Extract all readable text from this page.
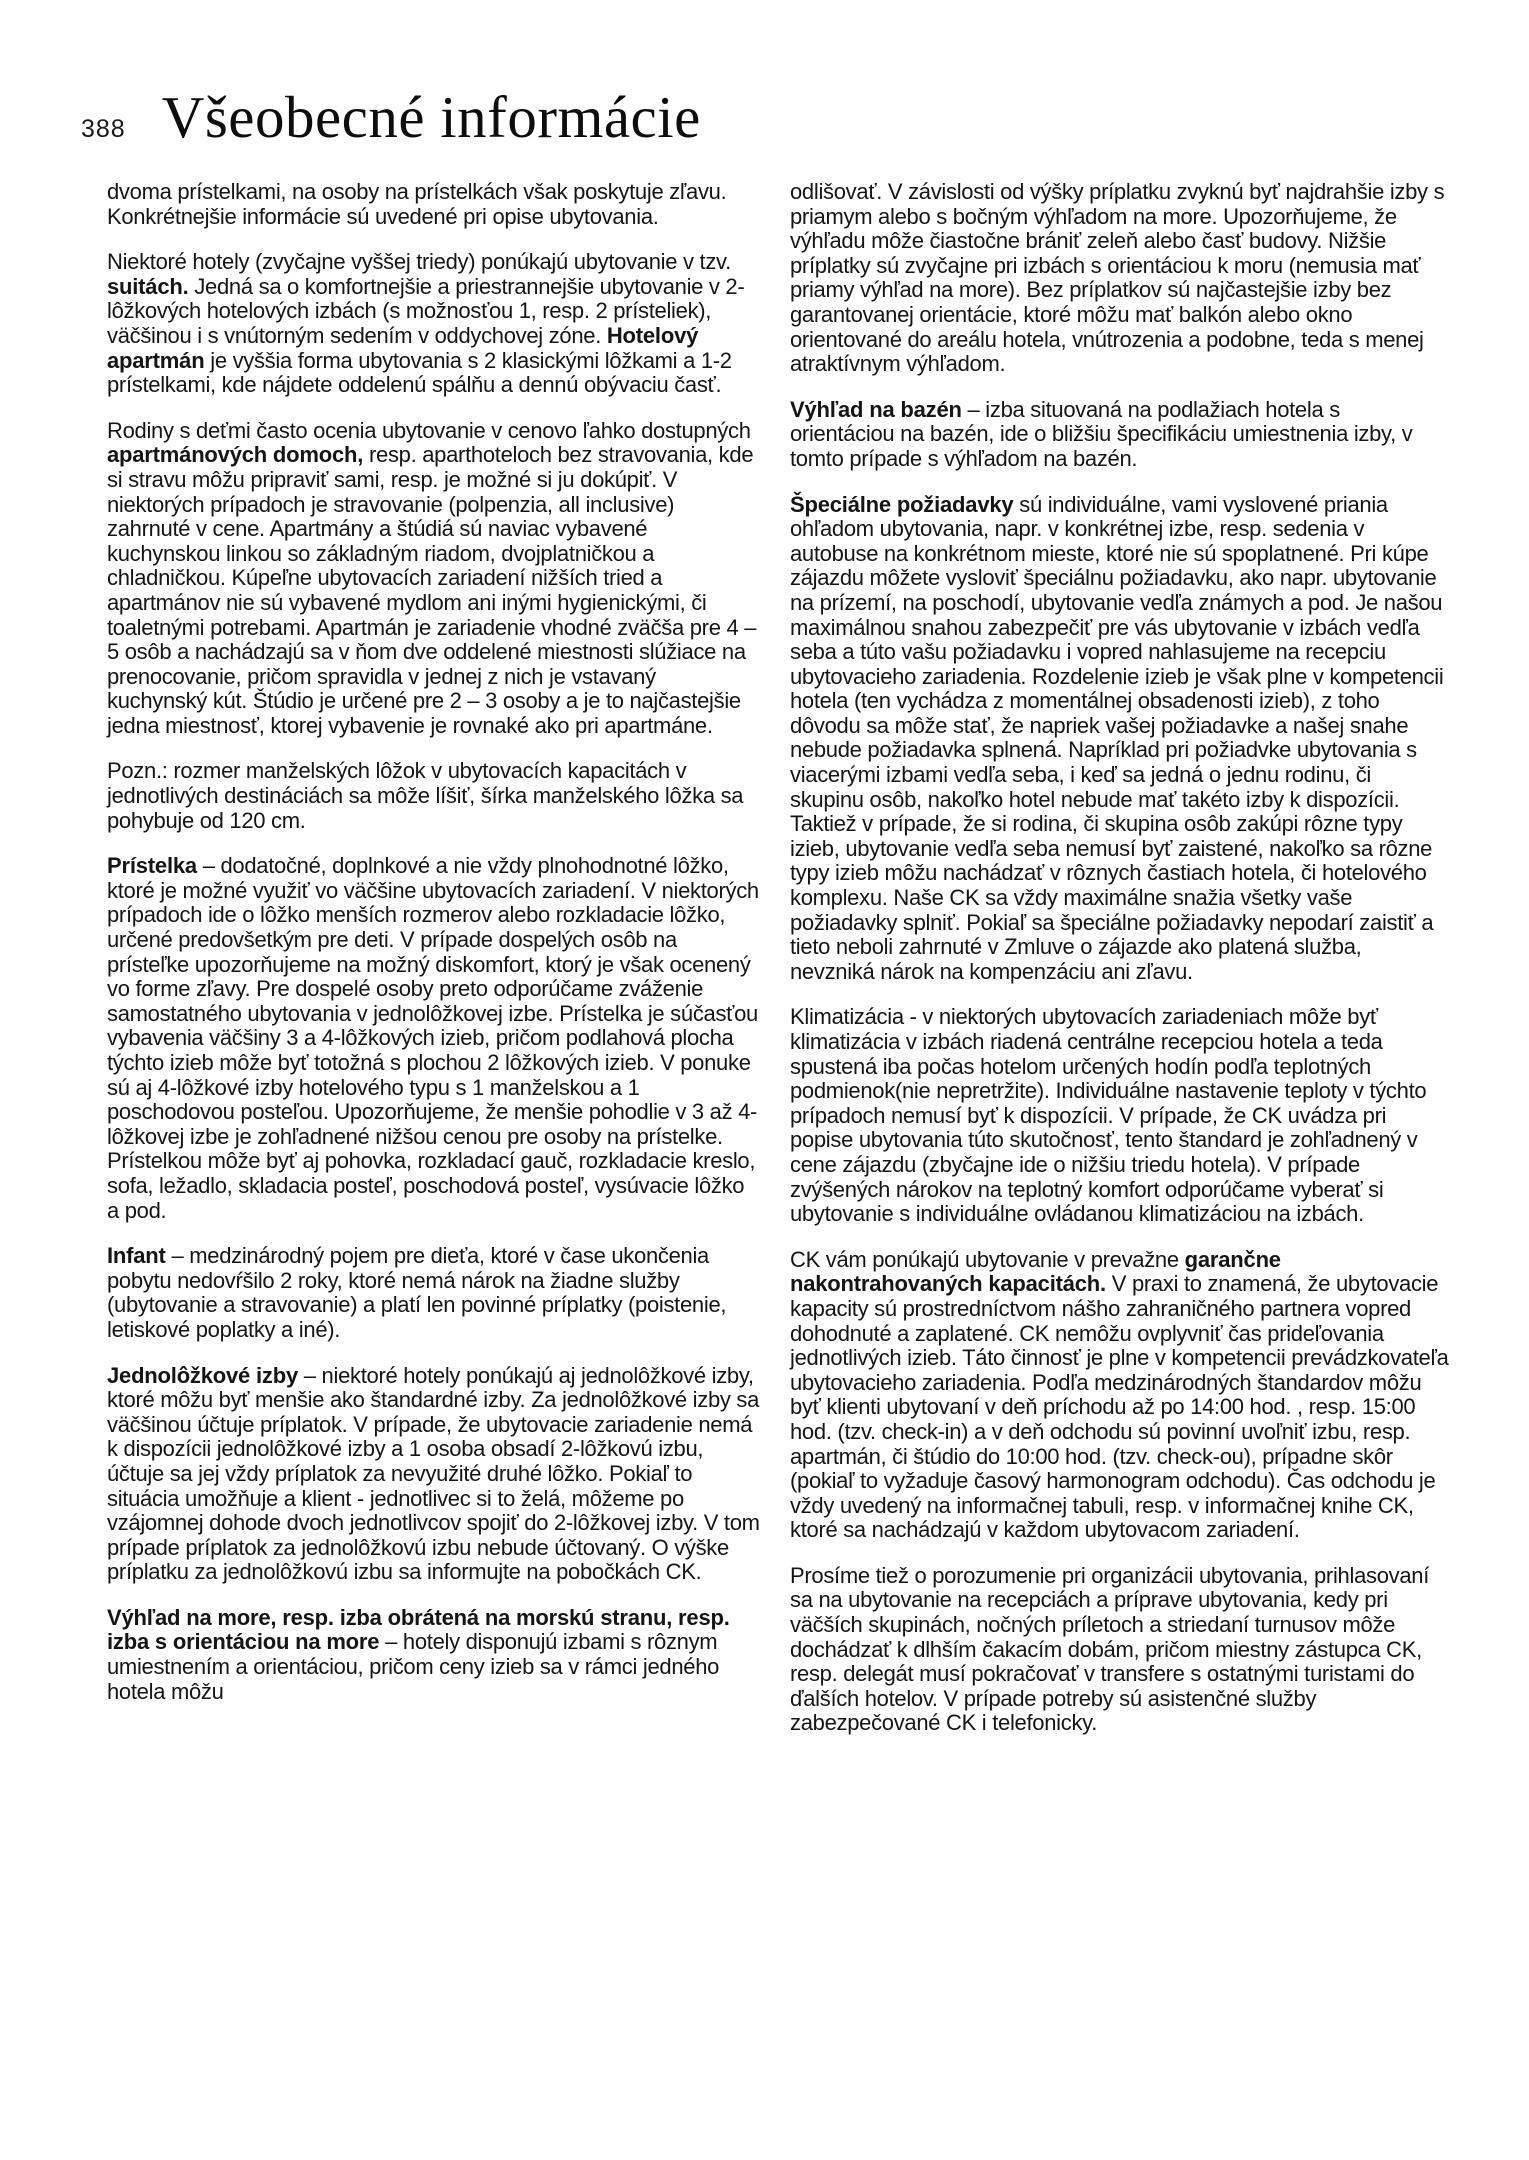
388 Všeobecné informácie

dvoma prístelkami, na osoby na prístelkách však poskytuje zľavu. Konkrétnejšie informácie sú uvedené pri opise ubytovania.

Niektoré hotely (zvyčajne vyššej triedy) ponúkajú ubytovanie v tzv. suitách. Jedná sa o komfortnejšie a priestrannejšie ubytovanie v 2-lôžkových hotelových izbách (s možnosťou 1, resp. 2 prísteliek), väčšinou i s vnútorným sedením v oddychovej zóne. Hotelový apartmán je vyššia forma ubytovania s 2 klasickými lôžkami a 1-2 prístelkami, kde nájdete oddelenú spálňu a dennú obývaciu časť.

Rodiny s deťmi často ocenia ubytovanie v cenovo ľahko dostupných apartmánových domoch, resp. aparthoteloch bez stravovania, kde si stravu môžu pripraviť sami, resp. je možné si ju dokúpiť. V niektorých prípadoch je stravovanie (polpenzia, all inclusive) zahrnuté v cene. Apartmány a štúdiá sú naviac vybavené kuchynskou linkou so základným riadom, dvojplatničkou a chladničkou. Kúpeľne ubytovacích zariadení nižších tried a apartmánov nie sú vybavené mydlom ani inými hygienickými, či toaletnými potrebami. Apartmán je zariadenie vhodné zväčša pre 4 – 5 osôb a nachádzajú sa v ňom dve oddelené miestnosti slúžiace na prenocovanie, pričom spravidla v jednej z nich je vstavaný kuchynský kút. Štúdio je určené pre 2 – 3 osoby a je to najčastejšie jedna miestnosť, ktorej vybavenie je rovnaké ako pri apartmáne.

Pozn.: rozmer manželských lôžok v ubytovacích kapacitách v jednotlivých destináciách sa môže líšiť, šírka manželského lôžka sa pohybuje od 120 cm.

Prístelka – dodatočné, doplnkové a nie vždy plnohodnotné lôžko, ktoré je možné využiť vo väčšine ubytovacích zariadení. V niektorých prípadoch ide o lôžko menších rozmerov alebo rozkladacie lôžko, určené predovšetkým pre deti. V prípade dospelých osôb na prísteľke upozorňujeme na možný diskomfort, ktorý je však ocenený vo forme zľavy. Pre dospelé osoby preto odporúčame zváženie samostatného ubytovania v jednolôžkovej izbe. Prístelka je súčasťou vybavenia väčšiny 3 a 4-lôžkových izieb, pričom podlahová plocha týchto izieb môže byť totožná s plochou 2 lôžkových izieb. V ponuke sú aj 4-lôžkové izby hotelového typu s 1 manželskou a 1 poschodovou posteľou. Upozorňujeme, že menšie pohodlie v 3 až 4-lôžkovej izbe je zohľadnené nižšou cenou pre osoby na prístelke. Prístelkou môže byť aj pohovka, rozkladací gauč, rozkladacie kreslo, sofa, ležadlo, skladacia posteľ, poschodová posteľ, vysúvacie lôžko a pod.

Infant – medzinárodný pojem pre dieťa, ktoré v čase ukončenia pobytu nedovŕšilo 2 roky, ktoré nemá nárok na žiadne služby (ubytovanie a stravovanie) a platí len povinné príplatky (poistenie, letiskové poplatky a iné).

Jednolôžkové izby – niektoré hotely ponúkajú aj jednolôžkové izby, ktoré môžu byť menšie ako štandardné izby. Za jednolôžkové izby sa väčšinou účtuje príplatok. V prípade, že ubytovacie zariadenie nemá k dispozícii jednolôžkové izby a 1 osoba obsadí 2-lôžkovú izbu, účtuje sa jej vždy príplatok za nevyužité druhé lôžko. Pokiaľ to situácia umožňuje a klient - jednotlivec si to želá, môžeme po vzájomnej dohode dvoch jednotlivcov spojiť do 2-lôžkovej izby. V tom prípade príplatok za jednolôžkovú izbu nebude účtovaný. O výške príplatku za jednolôžkovú izbu sa informujte na pobočkách CK.

Výhľad na more, resp. izba obrátená na morskú stranu, resp. izba s orientáciou na more – hotely disponujú izbami s rôznym umiestnením a orientáciou, pričom ceny izieb sa v rámci jedného hotela môžu

odlišovať. V závislosti od výšky príplatku zvyknú byť najdrahšie izby s priamym alebo s bočným výhľadom na more. Upozorňujeme, že výhľadu môže čiastočne brániť zeleň alebo časť budovy. Nižšie príplatky sú zvyčajne pri izbách s orientáciou k moru (nemusia mať priamy výhľad na more). Bez príplatkov sú najčastejšie izby bez garantovanej orientácie, ktoré môžu mať balkón alebo okno orientované do areálu hotela, vnútrozenia a podobne, teda s menej atraktívnym výhľadom.

Výhľad na bazén – izba situovaná na podlažiach hotela s orientáciou na bazén, ide o bližšiu špecifikáciu umiestnenia izby, v tomto prípade s výhľadom na bazén.

Špeciálne požiadavky sú individuálne, vami vyslovené priania ohľadom ubytovania, napr. v konkrétnej izbe, resp. sedenia v autobuse na konkrétnom mieste, ktoré nie sú spoplatnené. Pri kúpe zájazdu môžete vysloviť špeciálnu požiadavku, ako napr. ubytovanie na prízemí, na poschodí, ubytovanie vedľa známych a pod. Je našou maximálnou snahou zabezpečiť pre vás ubytovanie v izbách vedľa seba a túto vašu požiadavku i vopred nahlasujeme na recepciu ubytovacieho zariadenia. Rozdelenie izieb je však plne v kompetencii hotela (ten vychádza z momentálnej obsadenosti izieb), z toho dôvodu sa môže stať, že napriek vašej požiadavke a našej snahe nebude požiadavka splnená. Napríklad pri požiadvke ubytovania s viacerými izbami vedľa seba, i keď sa jedná o jednu rodinu, či skupinu osôb, nakoľko hotel nebude mať takéto izby k dispozícii. Taktiež v prípade, že si rodina, či skupina osôb zakúpi rôzne typy izieb, ubytovanie vedľa seba nemusí byť zaistené, nakoľko sa rôzne typy izieb môžu nachádzať v rôznych častiach hotela, či hotelového komplexu. Naše CK sa vždy maximálne snažia všetky vaše požiadavky splniť. Pokiaľ sa špeciálne požiadavky nepodarí zaistiť a tieto neboli zahrnuté v Zmluve o zájazde ako platená služba, nevzniká nárok na kompenzáciu ani zľavu.

Klimatizácia - v niektorých ubytovacích zariadeniach môže byť klimatizácia v izbách riadená centrálne recepciou hotela a teda spustená iba počas hotelom určených hodín podľa teplotných podmienok(nie nepretržite). Individuálne nastavenie teploty v týchto prípadoch nemusí byť k dispozícii. V prípade, že CK uvádza pri popise ubytovania túto skutočnosť, tento štandard je zohľadnený v cene zájazdu (zbyčajne ide o nižšiu triedu hotela). V prípade zvýšených nárokov na teplotný komfort odporúčame vyberať si ubytovanie s individuálne ovládanou klimatizáciou na izbách.

CK vám ponúkajú ubytovanie v prevažne garančne nakontrahovaných kapacitách. V praxi to znamená, že ubytovacie kapacity sú prostredníctvom nášho zahraničného partnera vopred dohodnuté a zaplatené. CK nemôžu ovplyvniť čas prideľovania jednotlivých izieb. Táto činnosť je plne v kompetencii prevádzkovateľa ubytovacieho zariadenia. Podľa medzinárodných štandardov môžu byť klienti ubytovaní v deň príchodu až po 14:00 hod. , resp. 15:00 hod. (tzv. check-in) a v deň odchodu sú povinní uvoľniť izbu, resp. apartmán, či štúdio do 10:00 hod. (tzv. check-ou), prípadne skôr (pokiaľ to vyžaduje časový harmonogram odchodu). Čas odchodu je vždy uvedený na informačnej tabuli, resp. v informačnej knihe CK, ktoré sa nachádzajú v každom ubytovacom zariadení.

Prosíme tiež o porozumenie pri organizácii ubytovania, prihlasovaní sa na ubytovanie na recepciách a príprave ubytovania, kedy pri väčších skupinách, nočných príletoch a striedaní turnusov môže dochádzať k dlhším čakacím dobám, pričom miestny zástupca CK, resp. delegát musí pokračovať v transfere s ostatnými turistami do ďalších hotelov. V prípade potreby sú asistenčné služby zabezpečované CK i telefonicky.
